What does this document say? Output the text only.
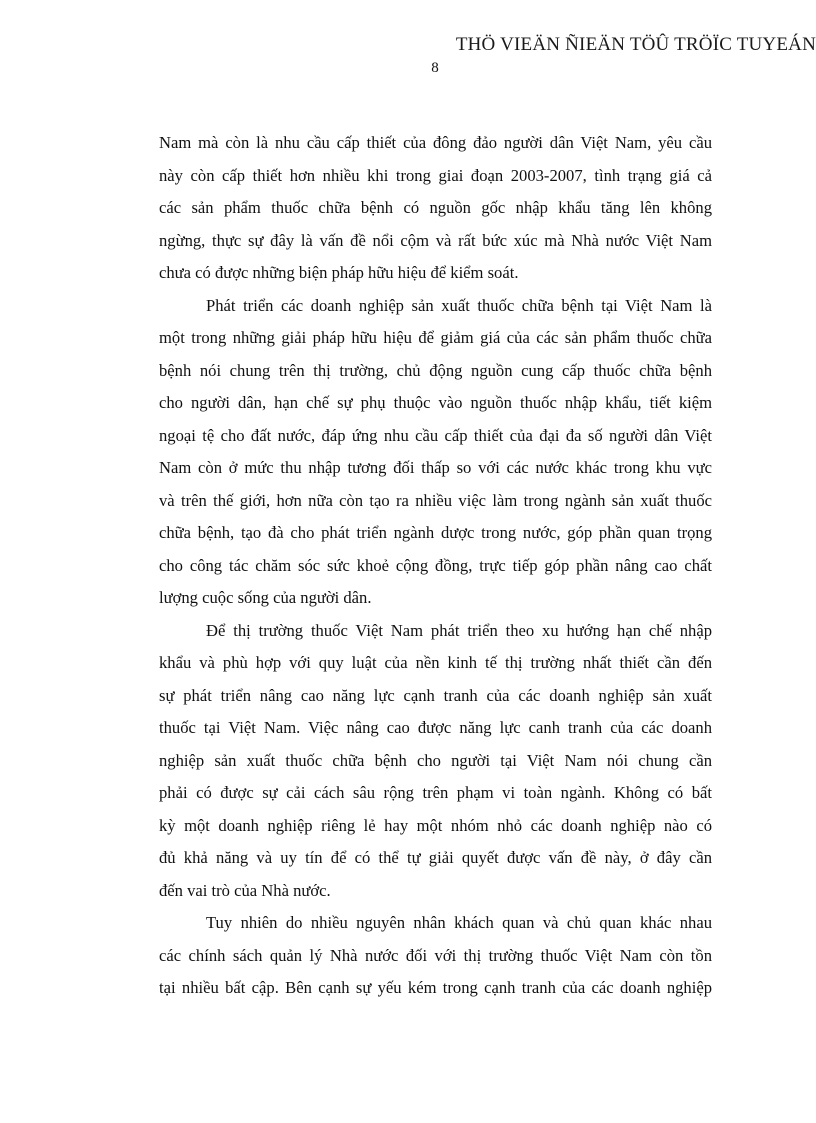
THÖ VIEÄN ÑIEÄN TÖÛ TRÖÏC TUYEÁN
8
Nam mà còn là nhu cầu cấp thiết của đông đảo người dân Việt Nam, yêu cầu
này còn cấp thiết hơn nhiều khi trong giai đoạn 2003-2007, tình trạng giá cả
các sản phẩm thuốc chữa bệnh có nguồn gốc nhập khẩu tăng lên không
ngừng, thực sự đây là vấn đề nổi cộm và rất bức xúc mà Nhà nước Việt Nam
chưa có được những biện pháp hữu hiệu để kiểm soát.
Phát triển các doanh nghiệp sản xuất thuốc chữa bệnh tại Việt Nam là
một trong những giải pháp hữu hiệu để giảm giá của các sản phẩm thuốc chữa
bệnh nói chung trên thị trường, chủ động nguồn cung cấp thuốc chữa bệnh
cho người dân, hạn chế sự phụ thuộc vào nguồn thuốc nhập khẩu, tiết kiệm
ngoại tệ cho đất nước, đáp ứng nhu cầu cấp thiết của đại đa số người dân Việt
Nam còn ở mức thu nhập tương đối thấp so với các nước khác trong khu vực
và trên thế giới, hơn nữa còn tạo ra nhiều việc làm trong ngành sản xuất thuốc
chữa bệnh, tạo đà cho phát triển ngành dược trong nước, góp phần quan trọng
cho công tác chăm sóc sức khoẻ cộng đồng, trực tiếp góp phần nâng cao chất
lượng cuộc sống của người dân.
Để thị trường thuốc Việt Nam phát triển theo xu hướng hạn chế nhập
khẩu và phù hợp với quy luật của nền kinh tế thị trường nhất thiết cần đến
sự phát triển nâng cao năng lực cạnh tranh của các doanh nghiệp sản xuất
thuốc tại Việt Nam. Việc nâng cao được năng lực canh tranh của các doanh
nghiệp sản xuất thuốc chữa bệnh cho người tại Việt Nam nói chung cần
phải có được sự cải cách sâu rộng trên phạm vi toàn ngành. Không có bất
kỳ một doanh nghiệp riêng lẻ hay một nhóm nhỏ các doanh nghiệp nào có
đủ khả năng và uy tín để có thể tự giải quyết được vấn đề này, ở đây cần
đến vai trò của Nhà nước.
Tuy nhiên do nhiều nguyên nhân khách quan và chủ quan khác nhau
các chính sách quản lý Nhà nước đối với thị trường thuốc Việt Nam còn tồn
tại nhiều bất cập. Bên cạnh sự yếu kém trong cạnh tranh của các doanh nghiệp
